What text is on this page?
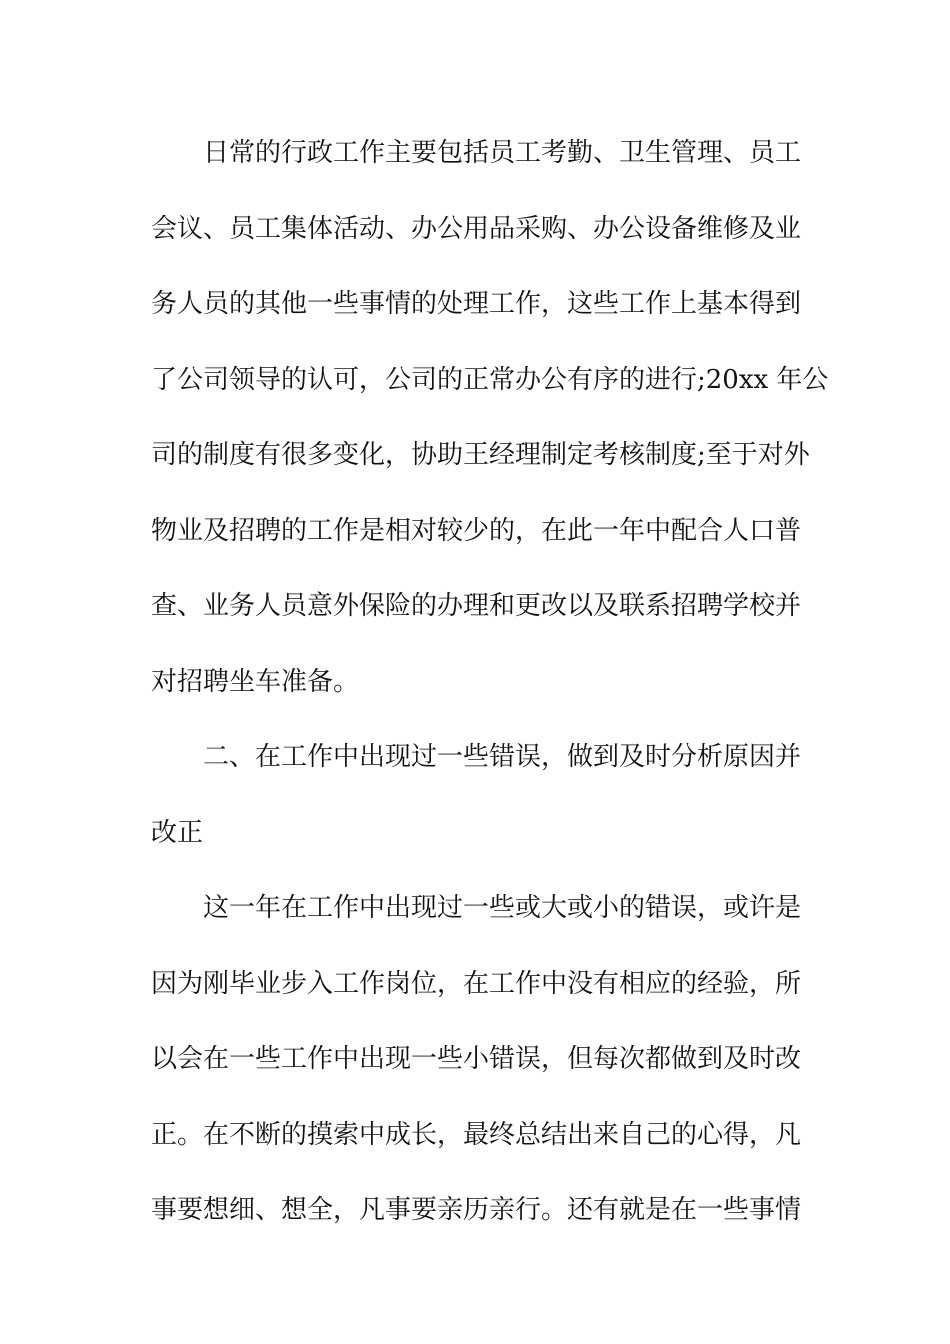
日常的行政工作主要包括员工考勤、卫生管理、员工
会议、员工集体活动、办公用品采购、办公设备维修及业
务人员的其他一些事情的处理工作，这些工作上基本得到
了公司领导的认可，公司的正常办公有序的进行;20xx 年公
司的制度有很多变化，协助王经理制定考核制度;至于对外
物业及招聘的工作是相对较少的，在此一年中配合人口普
查、业务人员意外保险的办理和更改以及联系招聘学校并
对招聘坐车准备。
二、在工作中出现过一些错误，做到及时分析原因并
改正
这一年在工作中出现过一些或大或小的错误，或许是
因为刚毕业步入工作岗位，在工作中没有相应的经验，所
以会在一些工作中出现一些小错误，但每次都做到及时改
正。在不断的摸索中成长，最终总结出来自己的心得，凡
事要想细、想全，凡事要亲历亲行。还有就是在一些事情
